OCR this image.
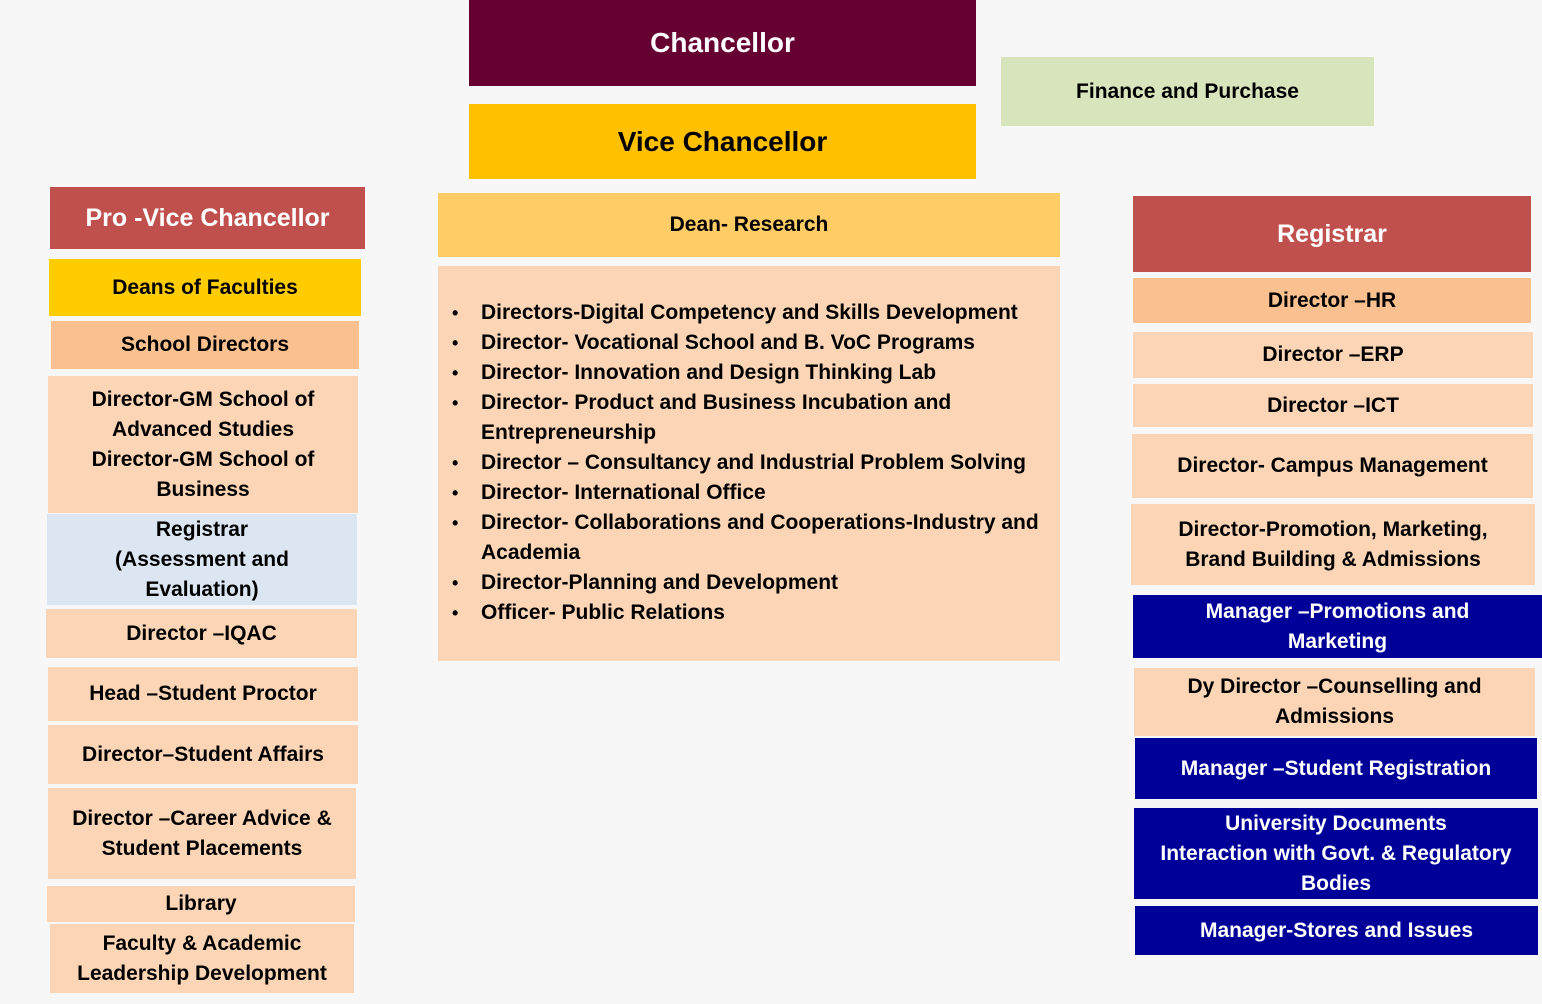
Chancellor
Vice Chancellor
Finance and Purchase
Pro -Vice Chancellor
Deans of Faculties
School Directors
Director-GM School of
Advanced Studies
Director-GM School of
Business
Registrar
(Assessment and
Evaluation)
Director –IQAC
Head –Student Proctor
Director–Student Affairs
Director –Career Advice &
Student Placements
Library
Faculty & Academic
Leadership Development
Dean- Research
• Directors-Digital Competency and Skills Development
• Director- Vocational School and B. VoC Programs
• Director- Innovation and Design Thinking Lab
• Director- Product and Business Incubation and Entrepreneurship
• Director – Consultancy and Industrial Problem Solving
• Director- International Office
• Director- Collaborations and Cooperations-Industry and Academia
• Director-Planning and Development
• Officer- Public Relations
Registrar
Director –HR
Director –ERP
Director –ICT
Director- Campus Management
Director-Promotion, Marketing,
Brand Building & Admissions
Manager –Promotions and
Marketing
Dy Director –Counselling and
Admissions
Manager –Student Registration
University Documents
Interaction with Govt. & Regulatory
Bodies
Manager-Stores and Issues
